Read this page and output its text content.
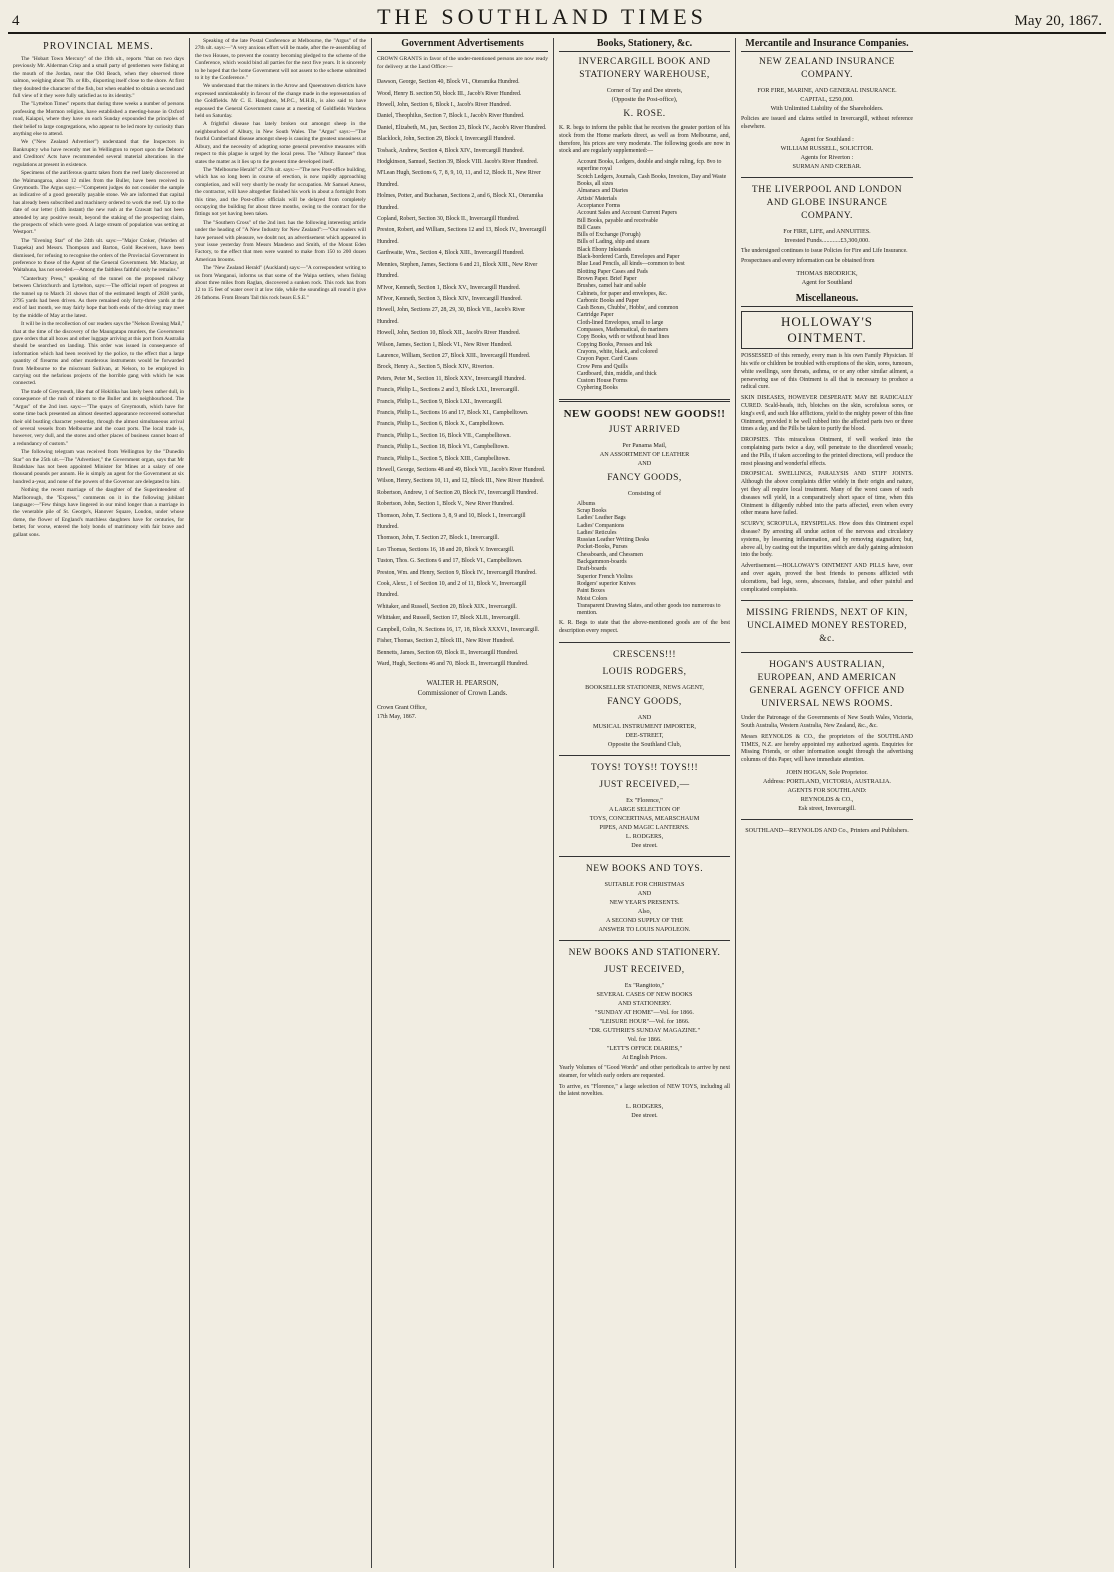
4	THE SOUTHLAND TIMES	May 20, 1867.
PROVINCIAL MEMS.
The "Hobart Town Mercury" of the 19th ult., reports "that on two days previously Mr. Alderman Crisp and a small party of gentlemen were fishing at the mouth of the Jordan, near the Old Beach, when they observed three salmon, weighing about 7lb. or 8lb., disporting itself close to the shore. At first they doubted the character of the fish, but when enabled to obtain a second and full view of it they were fully satisfied as to its identity."
The "Lyttelton Times" reports that during three weeks a number of persons professing the Mormon religion, have established a meeting-house in Oxford road, Kaiapoi, where they have on each Sunday expounded the principles of their belief to large congregations, who appear to be led more by curiosity than anything else to attend.
We ("New Zealand Advertiser") understand that the Inspectors in Bankruptcy who have recently met in Wellington to report upon the Debtors' and Creditors' Acts have recommended several material alterations in the regulations at present in existence.
Specimens of the auriferous quartz taken from the reef lately discovered at the Waimangaroa, about 12 miles from the Buller, have been received in Greymouth. The Argus says:—"Competent judges do not consider the sample as indicative of a good generally payable stone. We are informed that capital has already been subscribed and machinery ordered to work the reef. Up to the date of our letter (14th instant) the new rush at the Crawatt had not been attended by any positive result, beyond the staking of the prospecting claim, the prospects of which were good. A large stream of population was setting at Westport."
The "Evening Star" of the 24th ult. says:—"Major Croker, (Warden of Tuapeka) and Messrs. Thompson and Barton, Gold Receivers, have been dismissed, for refusing to recognise the orders of the Provincial Government in preference to those of the Agent of the General Government. Mr. Mackay, at Waitahuna, has not seceded.—Among the faithless faithful only he remains."
"Canterbury Press," speaking of the tunnel on the proposed railway between Christchurch and Lyttelton, says:—The official report of progress at the tunnel up to March 31 shows that of the estimated length of 2838 yards, 2795 yards had been driven. As there remained only forty-three yards at the end of last month, we may fairly hope that both ends of the driving may meet by the middle of May at the latest.
It will be in the recollection of our readers says the "Nelson Evening Mail," that at the time of the discovery of the Maungatapu murders, the Government gave orders that all boxes and other luggage arriving at this port from Australia should be searched on landing. This order was issued in consequence of information which had been received by the police, to the effect that a large quantity of firearms and other murderous instruments would be forwarded from Melbourne to the miscreant Sullivan, at Nelson, to be employed in carrying out the nefarious projects of the horrible gang with which he was connected.
The trade of Greymouth, like that of Hokitika has lately been rather dull, in consequence of the rush of miners to the Buller and its neighbourhood. The "Argus" of the 2nd inst. says:—"The quays of Greymouth, which have for some time back presented an almost deserted appearance recovered somewhat their old bustling character yesterday, through the almost simultaneous arrival of several vessels from Melbourne and the coast ports. The local trade is, however, very dull, and the stores and other places of business cannot boast of a redundancy of custom."
The following telegram was received from Wellington by the "Dunedin Star" on the 25th ult.—The "Advertiser," the Government organ, says that Mr Bradshaw has not been appointed Minister for Mines at a salary of one thousand pounds per annum. He is simply an agent for the Government at six hundred a-year, and none of the powers of the Governor are delegated to him.
Nothing the recent marriage of the daughter of the Superintendent of Marlborough, the "Express," comments on it in the following jubilant language:—"Few things have lingered in our mind longer than a marriage in the venerable pile of St. George's, Hanover Square, London, under whose dome, the flower of England's matchless daughters have for centuries, for better, for worse, entered the holy bonds of matrimony with fair brave and gallant sons.
Speaking of the late Postal Conference at Melbourne, the "Argus" of the 27th ult. says:—"A very anxious effort will be made, after the re-assembling of the two Houses, to prevent the country becoming pledged to the scheme of the Conference, which would bind all parties for the next five years. It is sincerely to be hoped that the home Government will not assent to the scheme submitted to it by the Conference."
We understand that the miners in the Arrow and Queenstown districts have expressed unmistakeably in favour of the change made in the representation of the Goldfields. Mr C. E. Haughton, M.P.C., M.H.R., is also said to have espoused the General Government cause at a meeting of Goldfields Wardens held on Saturday.
A frightful disease has lately broken out amongst sheep in the neighbourhood of Albury, in New South Wales. The "Argus" says:—"The fearful Cumberland disease amongst sheep is causing the greatest uneasiness at Albury, and the necessity of adopting some general preventive measures with respect to this plague is urged by the local press. The "Albury Banner" thus states the matter as it lies up to the present time developed itself.
The "Melbourne Herald" of 27th ult. says:—"The new Post-office building, which has so long been in course of erection, is now rapidly approaching completion, and will very shortly be ready for occupation. Mr Samuel Amess, the contractor, will have altogether finished his work in about a fortnight from this time, and the Post-office officials will be delayed from completely occupying the building for about three months, owing to the contract for the fittings not yet having been taken.
The "Southern Cross" of the 2nd inst. has the following interesting article under the heading of "A New Industry for New Zealand":—"Our readers will have perused with pleasure, we doubt not, an advertisement which appeared in your issue yesterday from Messrs Mandeno and Smith, of the Mount Eden Factory, to the effect that men were wanted to make from 150 to 200 dozen American brooms.
The "New Zealand Herald" (Auckland) says:—"A correspondent writing to us from Wanganui, informs us that some of the Waipa settlers, when fishing about three miles from Raglan, discovered a sunken rock. This rock has from 12 to 15 feet of water over it at low tide, while the soundings all round it give 26 fathoms. From Bream Tail this rock bears E.S.E."
Government Advertisements

CROWN GRANTS in favor of the under-mentioned persons are now ready for delivery at the Land Office:—

Dawson, George, Section 40, Block VI., Oteramika Hundred.
Wood, Henry B. section 50, block III., Jacob's River Hundred.
Howell, John, Section 6, Block I., Jacob's River Hundred.
Daniel, Theophilus, Section 7, Block I., Jacob's River Hundred.
Daniel, Elizabeth, M., jun, Section 23, Block IV., Jacob's River Hundred.
Blacklock, John, Section 29, Block I, Invercargill Hundred.
Tosback, Andrew, Section 4, Block XIV., Invercargill Hundred.
Hodgkinson, Samuel, Section 39, Block VIII. Jacob's River Hundred.
M'Lean Hugh, Sections 6, 7, 8, 9, 10, 11, and 12, Block II., New River Hundred.
Holmes, Potter, and Buchanan, Sections 2, and 6, Block XI., Oteramika Hundred.
Copland, Robert, Section 30, Block II., Invercargill Hundred.
Preston, Robert, and William, Sections 12 and 13, Block IV., Invercargill Hundred.
Garthwaite, Wm., Section 4, Block XIII., Invercargill Hundred.
Mennies, Stephen, James, Sections 6 and 21, Block XIII., New River Hundred.
M'Ivor, Kenneth, Section 1, Block XV., Invercargill Hundred.
M'Ivor, Kenneth, Section 3, Block XIV., Invercargill Hundred.
Howell, John, Sections 27, 28, 29, 30, Block VII., Jacob's River Hundred.
Howell, John, Section 10, Block XII., Jacob's River Hundred.
Wilson, James, Section 1, Block VI., New River Hundred.
Laurence, William, Section 27, Block XIII., Invercargill Hundred.
Brock, Henry A., Section 5, Block XIV., Riverton.
Peters, Peter M., Section 11, Block XXV., Invercargill Hundred.
Francis, Philip L., Sections 2 and 3, Block LXI., Invercargill.
Francis, Philip L., Section 9, Block LXI., Invercargill.
Francis, Philip L., Sections 16 and 17, Block XI., Campbelltown.
Francis, Philip L., Section 6, Block X., Campbelltown.
Francis, Philip L., Section 16, Block VII., Campbelltown.
Francis, Philip L., Section 18, Block VI., Campbelltown.
Francis, Philip L., Section 5, Block XIII., Campbelltown.
Howell, George, Sections 48 and 49, Block VII., Jacob's River Hundred.
Wilson, Henry, Sections 10, 11, and 12, Block III., New River Hundred.
Robertson, Andrew, 1 of Section 20, Block IV., Invercargill Hundred.
Robertson, John, Section 1, Block V., New River Hundred.
Thomson, John, T. Sections 3, 8, 9 and 10, Block I., Invercargill Hundred.
Thomson, John, T. Section 27, Block I., Invercargill.
Leo Thomas, Sections 16, 18 and 20, Block V. Invercargill.
Tuston, Thos. G. Sections 6 and 17, Block VI., Campbelltown.
Preston, Wm. and Henry, Section 9, Block IV., Invercargill Hundred.
Cook, Alexr., 1 of Section 10, and 2 of 11, Block V., Invercargill Hundred.
Whitaker, and Russell, Section 20, Block XIX., Invercargill.
Whittaker, and Russell, Section 17, Block XLII., Invercargill.
Campbell, Colin, N. Sections 16, 17, 18, Block XXXVI., Invercargill.
Fisher, Thomas, Section 2, Block III., New River Hundred.
Bennetts, James, Section 69, Block II., Invercargill Hundred.
Ward, Hugh, Sections 46 and 70, Block II., Invercargill Hundred.
WALTER H. PEARSON,
Commissioner of Crown Lands.
Crown Grant Office,
17th May, 1867.
Books, Stationery, &c.
INVERCARGILL BOOK AND STATIONERY WAREHOUSE,
Corner of Tay and Dee streets,
(Opposite the Post-office),
K. ROSE.

K. R. begs to inform the public that he receives the greater portion of his stock from the Home markets direct, as well as from Melbourne, and, therefore, his prices are very moderate. The following goods are now in stock and are regularly supplemented:—

Account Books, Ledgers, double and single ruling, fcp. 8vo to superfine royal
Scotch Ledgers, Journals, Cash Books, Invoices, Day and Waste Books, all sizes
Almanacs and Diaries
Artists' Materials
Acceptance Forms
Account Sales and Account Current Papers
Bill Books, payable and receivable
Bill Cases
Bills of Exchange (Forugh)
Bills of Lading, ship and steam
Black Ebony Inkstands
Black-bordered Cards, Envelopes and Paper
Blue Lead Pencils, all kinds—common to best
Blotting Paper Cases and Pads
Brown Paper. Brief Paper
Brushes, camel hair and sable
Cabinets, for paper and envelopes, &c.
Carbonic Books and Paper
Cash Boxes, Chubbs', Hobbs', and common
Cartridge Paper
Cloth-lined Envelopes, small to large
Compasses, Mathematical, do mariners
Copy Books, with or without head lines
Copying Books, Presses and Ink
Crayons, white, black, and colored
Crayon Paper. Card Cases
Crow Pens and Quills
Cardboard, thin, middle, and thick
Custom House Forms
Cyphering Books
NEW GOODS! NEW GOODS!!
JUST ARRIVED
Per Panama Mail,
AN ASSORTMENT OF LEATHER
AND
FANCY GOODS,
Consisting of
Albums
Scrap Books
Ladies' Leather Bags
Ladies' Companions
Ladies' Reticules
Russian Leather Writing Desks
Pocket-Books, Purses
Chessboards, and Chessmen
Backgammon-boards
Draft-boards
Superior French Violins
Rodgers' superior Knives
Paint Boxes
Moist Colors
Transparent Drawing Slates, and other goods too numerous to mention.

K. R. Begs to state that the above-mentioned goods are of the best description every respect.

CRESCENS!!!
LOUIS RODGERS,
BOOKSELLER STATIONER, NEWS AGENT,
FANCY GOODS,
AND
MUSICAL INSTRUMENT IMPORTER,
DEE-STREET,
Opposite the Southland Club,
TOYS! TOYS!! TOYS!!!
JUST RECEIVED,—
Ex "Florence,"
A LARGE SELECTION OF
TOYS, CONCERTINAS, MEARSCHAUM
PIPES, AND MAGIC LANTERNS.
L. RODGERS,
Dee street.
NEW BOOKS AND TOYS.
SUITABLE FOR CHRISTMAS
AND
NEW YEAR'S PRESENTS.
Also,
A SECOND SUPPLY OF THE
ANSWER TO LOUIS NAPOLEON.
NEW BOOKS AND STATIONERY.
JUST RECEIVED,
Ex "Rangitoto,"
SEVERAL CASES OF NEW BOOKS
AND STATIONERY.
"SUNDAY AT HOME"—Vol. for 1866.
"LEISURE HOUR"—Vol. for 1866.
"DR. GUTHRIE'S SUNDAY MAGAZINE."
Vol. for 1866.
"LETT'S OFFICE DIARIES,"
At English Prices.

Yearly Volumes of "Good Words" and other periodicals to arrive by next steamer, for which early orders are requested.

To arrive, ex "Florence," a large selection of NEW TOYS, including all the latest novelties.

L. RODGERS,
Dee street.
Mercantile and Insurance Companies.
NEW ZEALAND INSURANCE COMPANY.
FOR FIRE, MARINE, AND GENERAL INSURANCE.
CAPITAL, £250,000.
With Unlimited Liability of the Shareholders.

Policies are issued and claims settled in Invercargill, without reference elsewhere.

Agent for Southland :
WILLIAM RUSSELL, SOLICITOR.
Agents for Riverton :
SURMAN AND CREBAR.
THE LIVERPOOL AND LONDON AND GLOBE INSURANCE COMPANY.
For FIRE, LIFE, and ANNUITIES.
Invested Funds............£3,300,000.

The undersigned continues to issue Policies for Fire and Life Insurance.

Prospectuses and every information can be obtained from

THOMAS BRODRICK,
Agent for Southland
Miscellaneous.
HOLLOWAY'S OINTMENT.
POSSESSED of this remedy, every man is his own Family Physician. If his wife or children be troubled with eruptions of the skin, sores, tumours, white swellings, sore throats, asthma, or or any other similar ailment, a persevering use of this Ointment is all that is necessary to produce a radical cure.
SKIN DISEASES, HOWEVER DESPERATE MAY BE RADICALLY CURED. Scald-heads, itch, blotches on the skin, scrofulous sores, or king's evil, and such like afflictions, yield to the mighty power of this fine Ointment, provided it be well rubbed into the affected parts two or three times a day, and the Pills be taken to purify the blood.
DROPSIES. This miraculous Ointment, if well worked into the complaining parts twice a day, will penetrate to the disordered vessels; and the Pills, if taken according to the printed directions, will produce the most pleasing and wonderful effects.
DROPSICAL SWELLINGS, PARALYSIS AND STIFF JOINTS. Although the above complaints differ widely in their origin and nature, yet they all require local treatment. Many of the worst cases of such diseases will yield, in a comparatively short space of time, when this Ointment is diligently rubbed into the parts affected, even when every other means have failed.
SCURVY, SCROFULA, ERYSIPELAS. How does this Ointment expel disease? By arresting all undue action of the nervous and circulatory systems, by lessening inflammation, and by removing stagnation; but, above all, by casting out the impurities which are daily gaining admission into the body.
Advertisement.—HOLLOWAY'S OINTMENT AND PILLS have, over and over again, proved the best friends to persons afflicted with ulcerations, bad legs, sores, abscesses, fistulae, and other painful and complicated complaints.
MISSING FRIENDS, NEXT OF KIN, UNCLAIMED MONEY RESTORED, &c.
HOGAN'S AUSTRALIAN, EUROPEAN, AND AMERICAN GENERAL AGENCY OFFICE AND UNIVERSAL NEWS ROOMS.

Under the Patronage of the Governments of New South Wales, Victoria, South Australia, Western Australia, New Zealand, &c., &c.

Messrs REYNOLDS & CO., the proprietors of the SOUTHLAND TIMES, N.Z. are hereby appointed my authorized agents. Enquiries for Missing Friends, or other information sought through the advertising columns of this Paper, will have immediate attention.

JOHN HOGAN, Sole Proprietor.
Address: PORTLAND, VICTORIA, AUSTRALIA.
AGENTS FOR SOUTHLAND:
REYNOLDS & CO.,
Esk street, Invercargill.
SOUTHLAND—REYNOLDS AND Co., Printers and Publishers.
